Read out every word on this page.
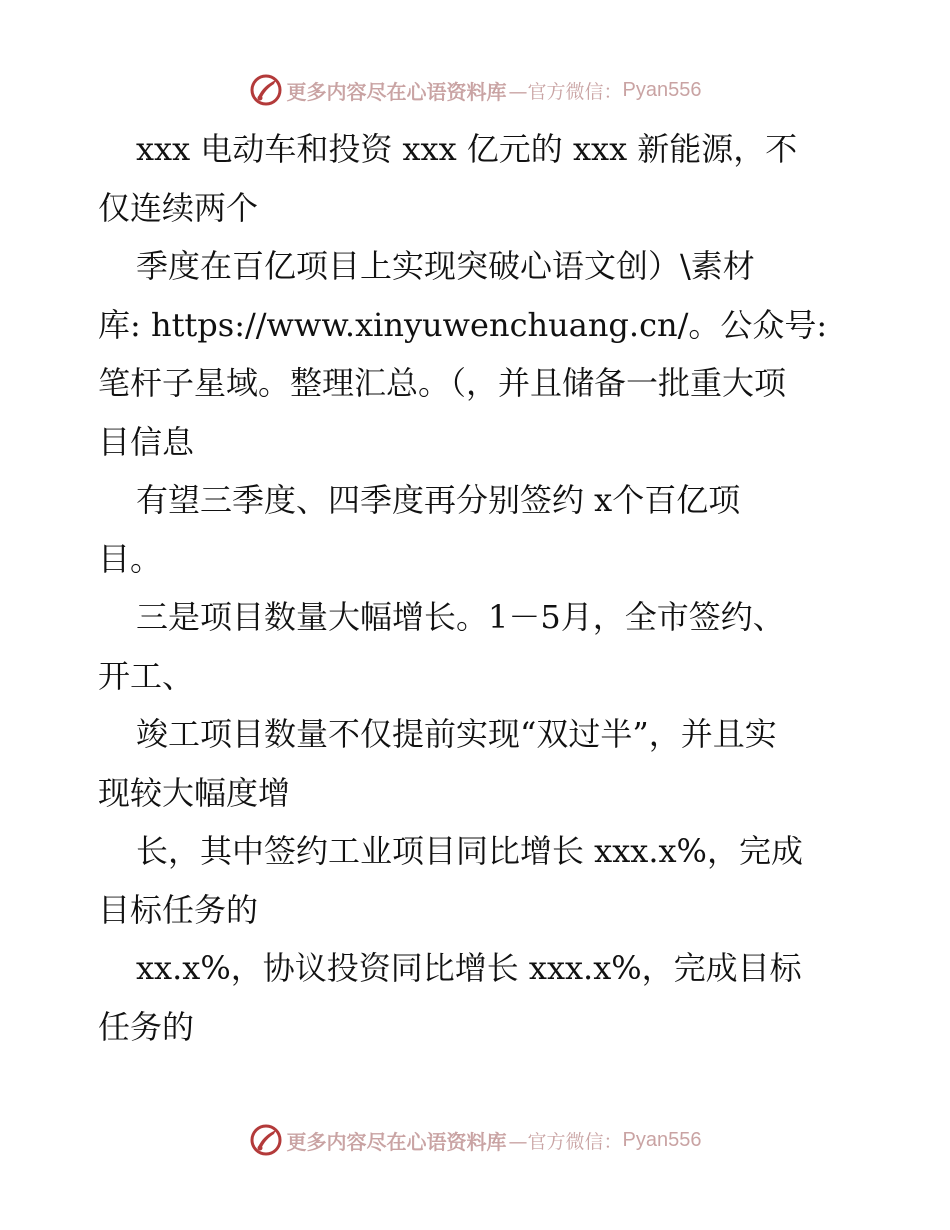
更多内容尽在心语资料库 —官方微信： Pyan556
xxx 电动车和投资 xxx 亿元的 xxx 新能源，不
仅连续两个
季度在百亿项目上实现突破心语文创）\素材
库: https://www.xinyuwenchuang.cn/。公众号:
笔杆子星域。整理汇总。（，并且储备一批重大项
目信息
有望三季度、四季度再分别签约 x个百亿项
目。
三是项目数量大幅增长。1－5月，全市签约、
开工、
竣工项目数量不仅提前实现“双过半”，并且实
现较大幅度增
长，其中签约工业项目同比增长 xxx.x%，完成
目标任务的
xx.x%，协议投资同比增长 xxx.x%，完成目标
任务的
更多内容尽在心语资料库 —官方微信： Pyan556
